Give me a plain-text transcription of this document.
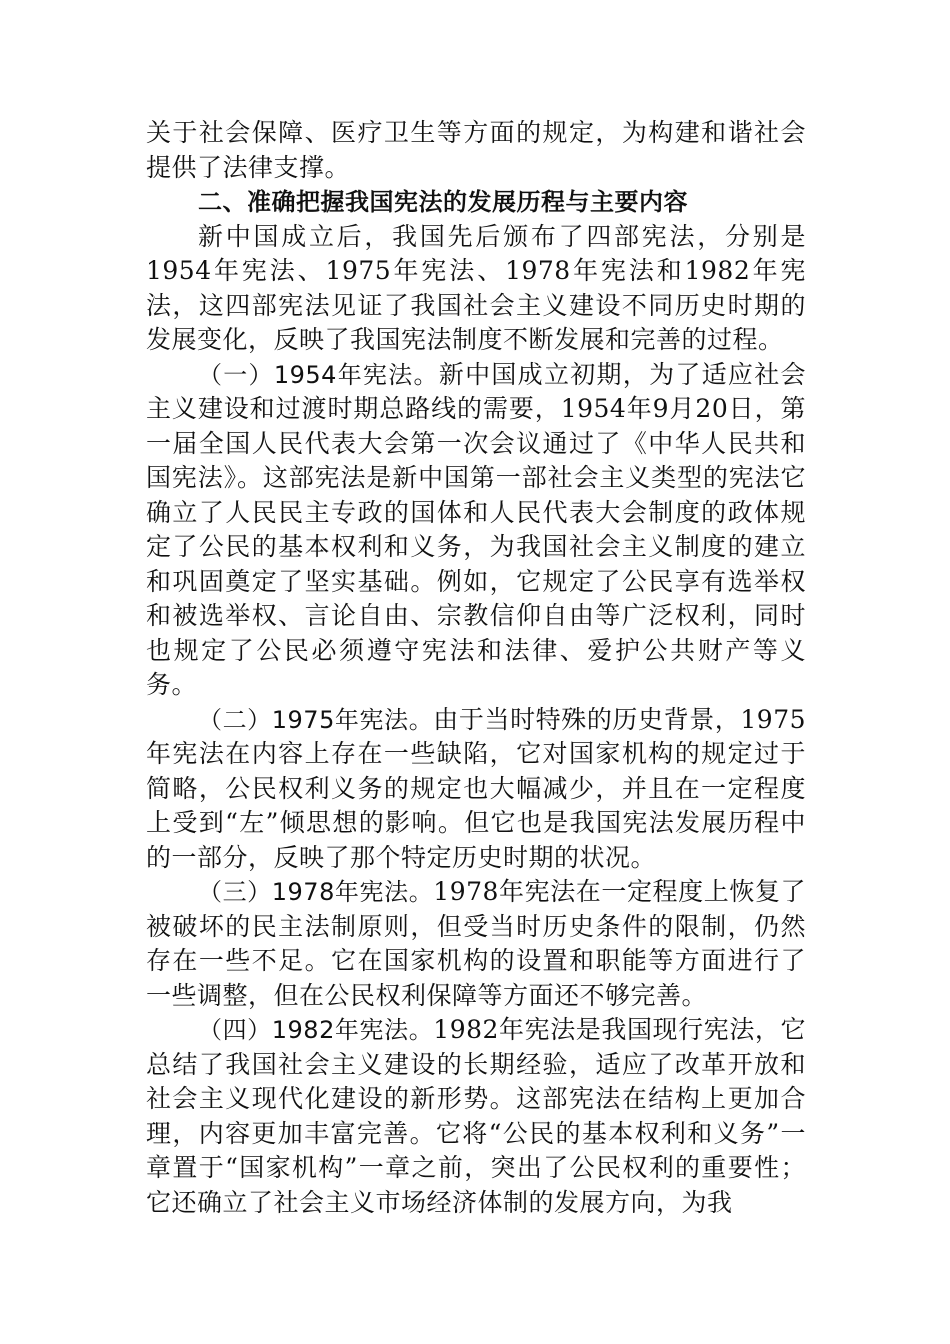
关于社会保障、医疗卫生等方面的规定，为构建和谐社会提供了法律支撑。

二、准确把握我国宪法的发展历程与主要内容

新中国成立后，我国先后颁布了四部宪法，分别是1954年宪法、1975年宪法、1978年宪法和1982年宪法，这四部宪法见证了我国社会主义建设不同历史时期的发展变化，反映了我国宪法制度不断发展和完善的过程。

（一）1954年宪法。新中国成立初期，为了适应社会主义建设和过渡时期总路线的需要，1954年9月20日，第一届全国人民代表大会第一次会议通过了《中华人民共和国宪法》。这部宪法是新中国第一部社会主义类型的宪法它确立了人民民主专政的国体和人民代表大会制度的政体规定了公民的基本权利和义务，为我国社会主义制度的建立和巩固奠定了坚实基础。例如，它规定了公民享有选举权和被选举权、言论自由、宗教信仰自由等广泛权利，同时也规定了公民必须遵守宪法和法律、爱护公共财产等义务。

（二）1975年宪法。由于当时特殊的历史背景，1975年宪法在内容上存在一些缺陷，它对国家机构的规定过于简略，公民权利义务的规定也大幅减少，并且在一定程度上受到“左”倾思想的影响。但它也是我国宪法发展历程中的一部分，反映了那个特定历史时期的状况。

（三）1978年宪法。1978年宪法在一定程度上恢复了被破坏的民主法制原则，但受当时历史条件的限制，仍然存在一些不足。它在国家机构的设置和职能等方面进行了一些调整，但在公民权利保障等方面还不够完善。

（四）1982年宪法。1982年宪法是我国现行宪法，它总结了我国社会主义建设的长期经验，适应了改革开放和社会主义现代化建设的新形势。这部宪法在结构上更加合理，内容更加丰富完善。它将“公民的基本权利和义务”一章置于“国家机构”一章之前，突出了公民权利的重要性；它还确立了社会主义市场经济体制的发展方向，为我
